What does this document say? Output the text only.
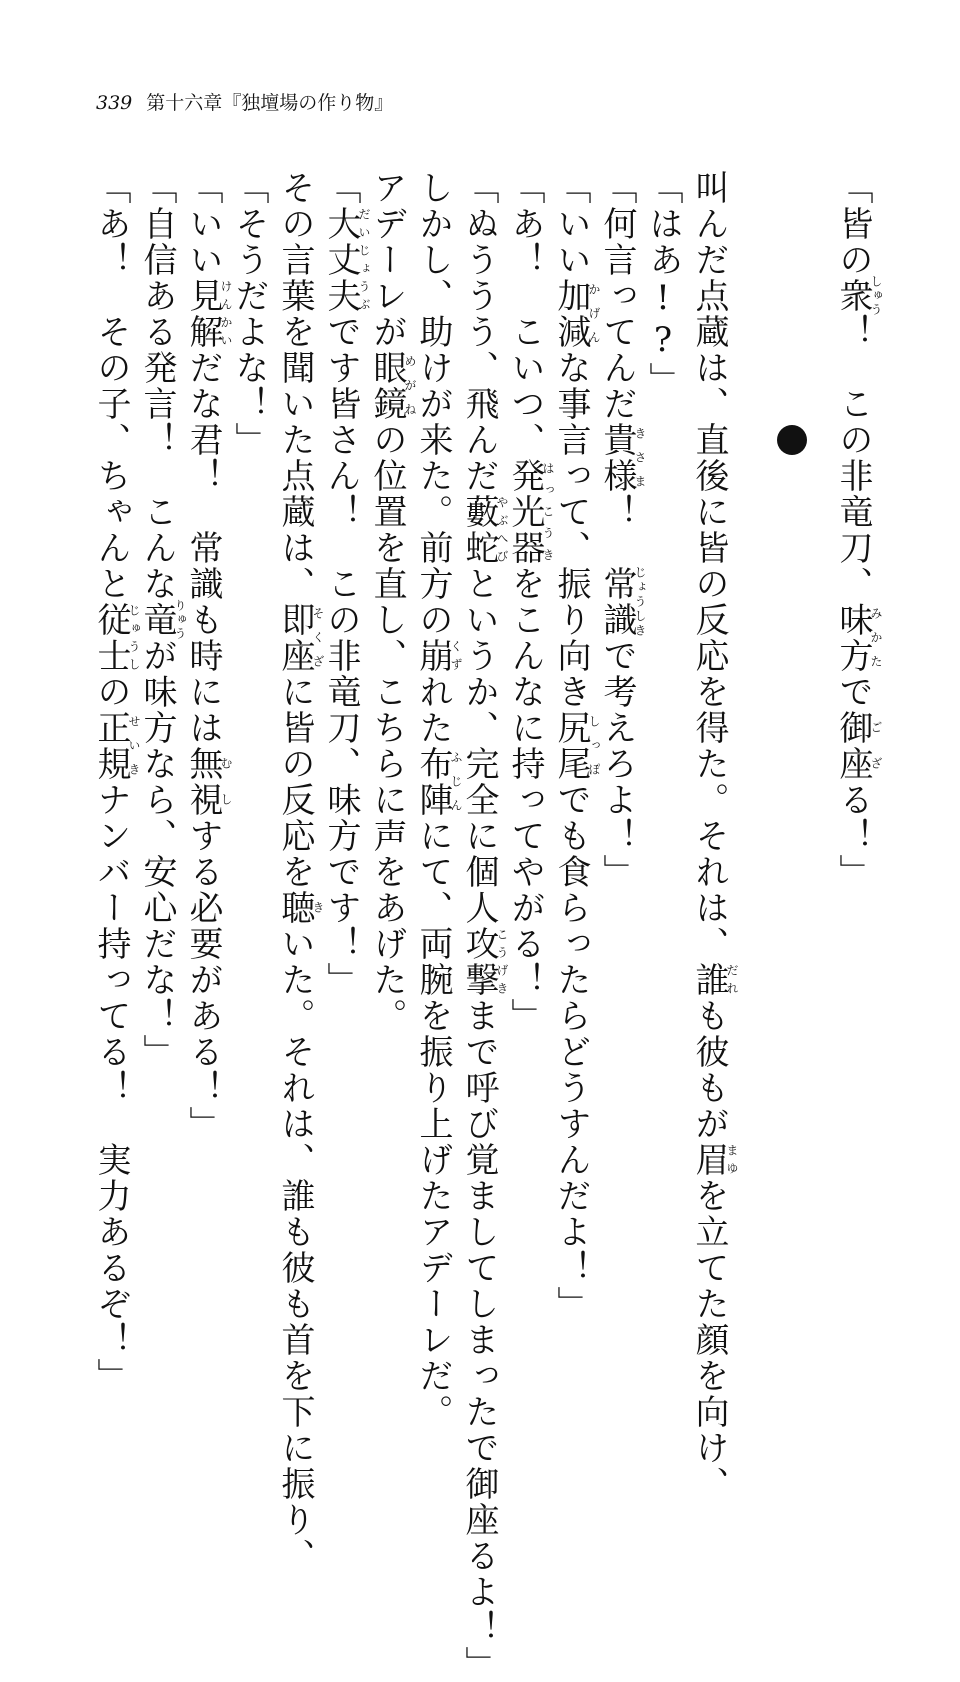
339 第十六章『独壇場の作り物』
「皆の衆しゅう！　この非竜刀、味方みかたで御座ござる！」
叫んだ点蔵は、直後に皆の反応を得た。それは、誰だれも彼もが眉まゆを立てた顔を向け、
「はあ!?」
「何言ってんだ貴様きさま！　常識じょうしきで考えろよ！」
「いい加減かげんな事言って、振り向き尻尾しっぽでも食らったらどうすんだよ！」
「あ！　こいつ、発光器はっこうきをこんなに持ってやがる！」
「ぬううう、飛んだ藪蛇やぶへびというか、完全に個人攻撃こうげきまで呼び覚ましてしまったで御座るよ！」
しかし、助けが来た。前方の崩くずれた布陣ふじんにて、両腕を振り上げたアデーレだ。
アデーレが眼鏡めがねの位置を直し、こちらに声をあげた。
「大丈夫だいじょうぶです皆さん！　この非竜刀、味方です！」
その言葉を聞いた点蔵は、即座そくざに皆の反応を聴きいた。それは、誰も彼も首を下に振り、
「そうだよな！」
「いい見解けんかいだな君！　常識も時には無視むしする必要がある！」
「自信ある発言！　こんな竜りゅうが味方なら、安心だな！」
「あ！　その子、ちゃんと従士じゅうしの正規せいきナンバー持ってる！　実力あるぞ！」
